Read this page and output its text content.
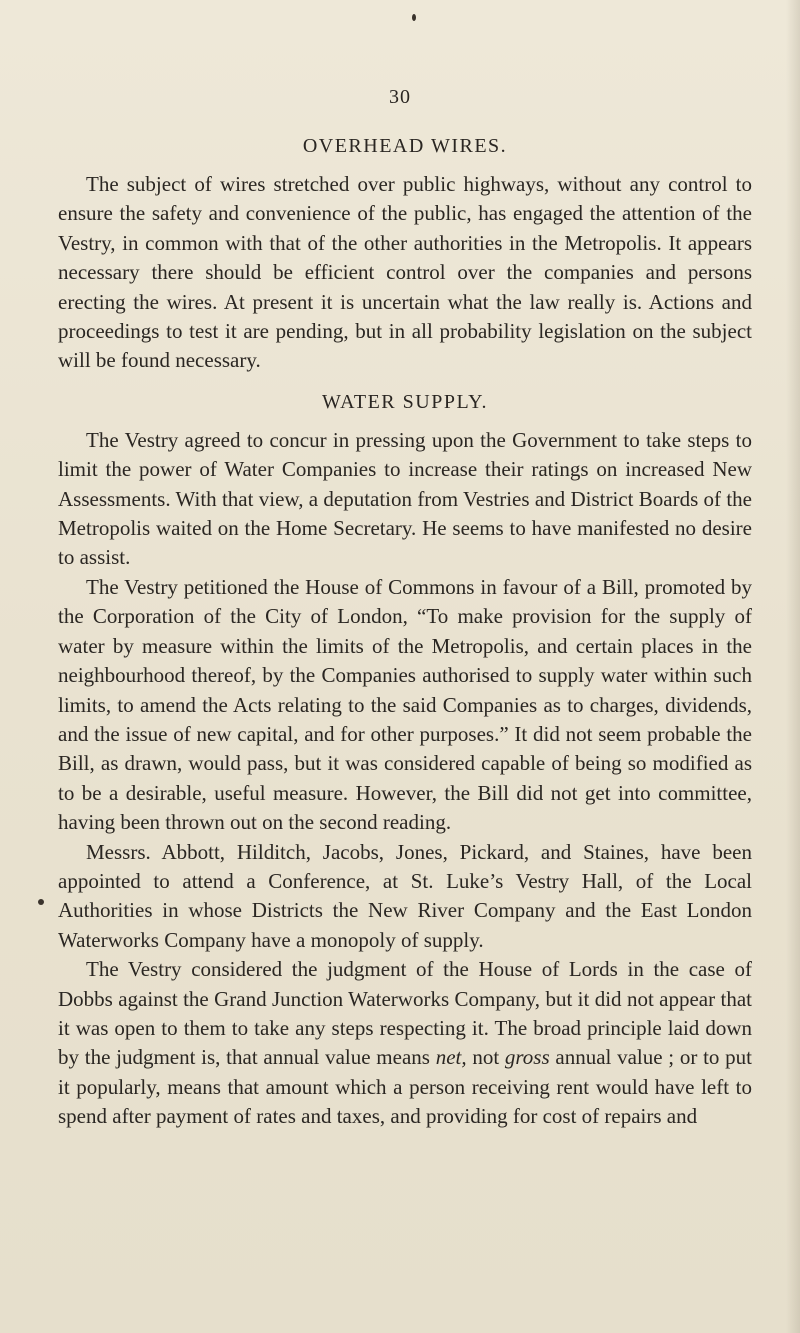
30
OVERHEAD WIRES.

The subject of wires stretched over public highways, without any control to ensure the safety and convenience of the public, has engaged the attention of the Vestry, in common with that of the other authorities in the Metropolis. It appears necessary there should be efficient control over the companies and persons erecting the wires. At present it is uncertain what the law really is. Actions and proceedings to test it are pending, but in all probability legislation on the subject will be found necessary.

WATER SUPPLY.

The Vestry agreed to concur in pressing upon the Government to take steps to limit the power of Water Companies to increase their ratings on increased New Assessments. With that view, a deputation from Vestries and District Boards of the Metropolis waited on the Home Secretary. He seems to have manifested no desire to assist.

The Vestry petitioned the House of Commons in favour of a Bill, promoted by the Corporation of the City of London, “To make provision for the supply of water by measure within the limits of the Metropolis, and certain places in the neighbourhood thereof, by the Companies authorised to supply water within such limits, to amend the Acts relating to the said Companies as to charges, dividends, and the issue of new capital, and for other purposes.” It did not seem probable the Bill, as drawn, would pass, but it was considered capable of being so modified as to be a desirable, useful measure. However, the Bill did not get into committee, having been thrown out on the second reading.

Messrs. Abbott, Hilditch, Jacobs, Jones, Pickard, and Staines, have been appointed to attend a Conference, at St. Luke’s Vestry Hall, of the Local Authorities in whose Districts the New River Company and the East London Waterworks Company have a monopoly of supply.

The Vestry considered the judgment of the House of Lords in the case of Dobbs against the Grand Junction Waterworks Company, but it did not appear that it was open to them to take any steps respecting it. The broad principle laid down by the judgment is, that annual value means net, not gross annual value ; or to put it popularly, means that amount which a person receiving rent would have left to spend after payment of rates and taxes, and providing for cost of repairs and
